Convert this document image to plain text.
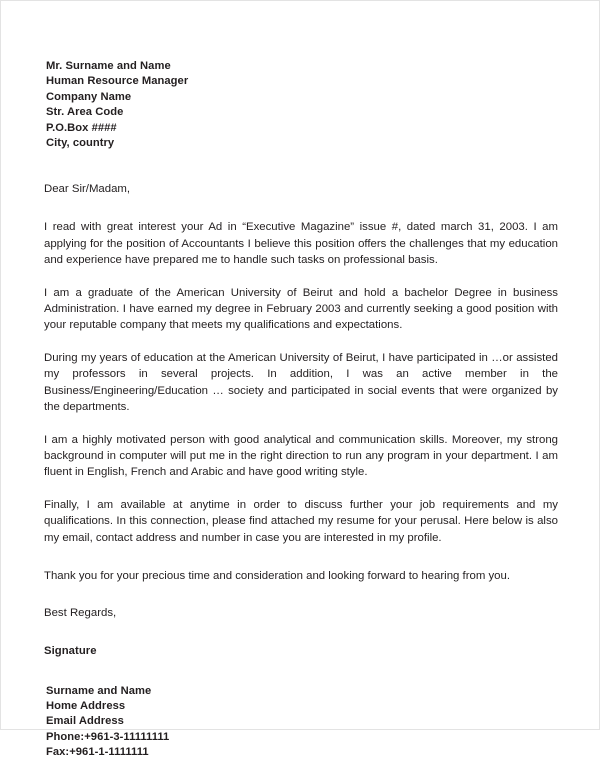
Mr. Surname and Name
Human Resource Manager
Company Name
Str. Area Code
P.O.Box ####
City, country
Dear Sir/Madam,

I read with great interest your Ad in “Executive Magazine” issue #, dated march 31, 2003. I am applying for the position of Accountants I believe this position offers the challenges that my education and experience have prepared me to handle such tasks on professional basis.

I am a graduate of the American University of Beirut and hold a bachelor Degree in business Administration. I have earned my degree in February 2003 and currently seeking a good position with your reputable company that meets my qualifications and expectations.

During my years of education at the American University of Beirut, I have participated in …or assisted my professors in several projects. In addition, I was an active member in the Business/Engineering/Education … society and participated in social events that were organized by the departments.

I am a highly motivated person with good analytical and communication skills. Moreover, my strong background in computer will put me in the right direction to run any program in your department. I am fluent in English, French and Arabic and have good writing style.

Finally, I am available at anytime in order to discuss further your job requirements and my qualifications. In this connection, please find attached my resume for your perusal. Here below is also my email, contact address and number in case you are interested in my profile.

Thank you for your precious time and consideration and looking forward to hearing from you.
Best Regards,
Signature
Surname and Name
Home Address
Email Address
Phone:+961-3-11111111
Fax:+961-1-1111111
